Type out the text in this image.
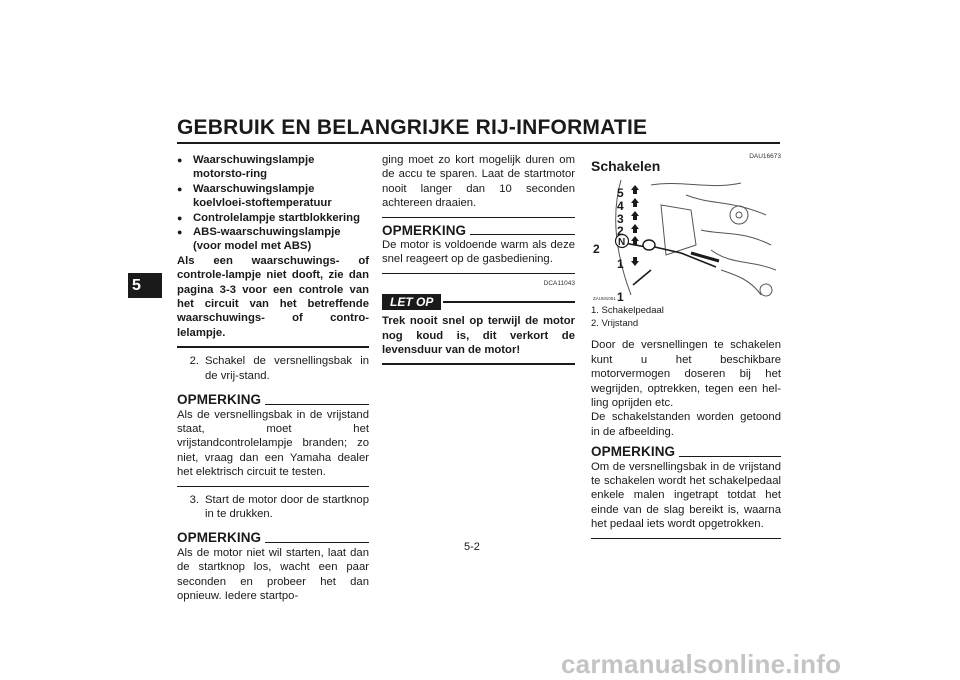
GEBRUIK EN BELANGRIJKE RIJ-INFORMATIE
5
● Waarschuwingslampje motorsto-ring
● Waarschuwingslampje koelvloei-stoftemperatuur
● Controlelampje startblokkering
● ABS-waarschuwingslampje (voor model met ABS)
Als een waarschuwings- of controle-lampje niet dooft, zie dan pagina 3-3 voor een controle van het circuit van het betreffende waarschuwings- of contro-lelampje.
2. Schakel de versnellingsbak in de vrij-stand.
OPMERKING
Als de versnellingsbak in de vrijstand staat, moet het vrijstandcontrolelampje branden; zo niet, vraag dan een Yamaha dealer het elektrisch circuit te testen.
3. Start de motor door de startknop in te drukken.
OPMERKING
Als de motor niet wil starten, laat dan de startknop los, wacht een paar seconden en probeer het dan opnieuw. Iedere startpo-
ging moet zo kort mogelijk duren om de accu te sparen. Laat de startmotor nooit langer dan 10 seconden achtereen draaien.
OPMERKING
De motor is voldoende warm als deze snel reageert op de gasbediening.
DCA11043
LET OP
Trek nooit snel op terwijl de motor nog koud is, dit verkort de levensduur van de motor!
DAU16673
Schakelen
5
4
3
2
N
1
2
1
ZAUM1051
1. Schakelpedaal
2. Vrijstand
Door de versnellingen te schakelen kunt u het beschikbare motorvermogen doseren bij het wegrijden, optrekken, tegen een hel-ling oprijden etc.
De schakelstanden worden getoond in de afbeelding.
OPMERKING
Om de versnellingsbak in de vrijstand te schakelen wordt het schakelpedaal enkele malen ingetrapt totdat het einde van de slag bereikt is, waarna het pedaal iets wordt opgetrokken.
5-2
carmanualsonline.info
